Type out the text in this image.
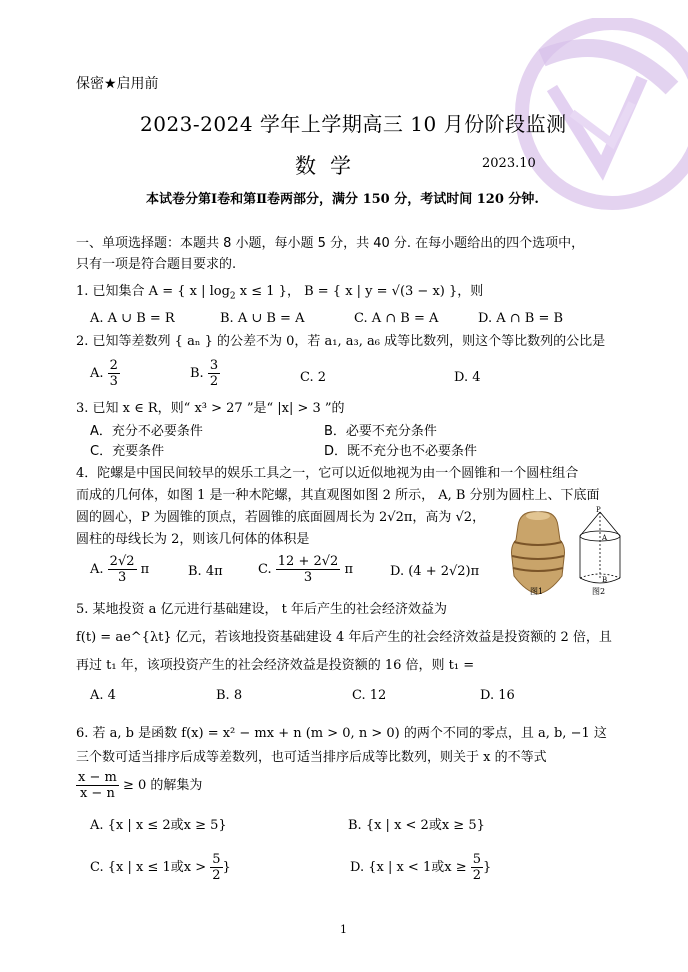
保密★启用前
2023-2024 学年上学期高三 10 月份阶段监测
数学	2023.10
本试卷分第Ⅰ卷和第Ⅱ卷两部分，满分 150 分，考试时间 120 分钟.
一、单项选择题：本题共 8 小题，每小题 5 分，共 40 分. 在每小题给出的四个选项中，
只有一项是符合题目要求的.
1. 已知集合 A = { x | $\log_2 x \le 1$ }， B = { x | y = √(3 − x) }，则
A. A ∪ B = R	B. A ∪ B = A	C. A ∩ B = A	D. A ∩ B = B
2. 已知等差数列 { aₙ } 的公差不为 0，若 a₁, a₃, a₆ 成等比数列，则这个等比数列的公比是
A. $\frac{2}{3}$	B. $\frac{3}{2}$	C. 2	D. 4
3. 已知 x ∈ R，则“ x³ > 27 ”是“ |x| > 3 ”的
A．充分不必要条件	B．必要不充分条件
C．充要条件	D．既不充分也不必要条件
4．陀螺是中国民间较早的娱乐工具之一，它可以近似地视为由一个圆锥和一个圆柱组合
而成的几何体，如图 1 是一种木陀螺，其直观图如图 2 所示， A, B 分别为圆柱上、下底面
圆的圆心，P 为圆锥的顶点，若圆锥的底面圆周长为 2√2π，高为 √2，
圆柱的母线长为 2，则该几何体的体积是
A. $\frac{2√2}{3}$ π	B. 4π	C. $\frac{12 + 2√2}{3}$ π	D. (4 + 2√2)π
P
A
B
图1	图2
5. 某地投资 a 亿元进行基础建设， t 年后产生的社会经济效益为
f(t) = ae^{λt} 亿元，若该地投资基础建设 4 年后产生的社会经济效益是投资额的 2 倍，且
再过 t₁ 年，该项投资产生的社会经济效益是投资额的 16 倍，则 t₁ =
A. 4	B. 8	C. 12	D. 16
6. 若 a, b 是函数 f(x) = x² − mx + n (m > 0, n > 0) 的两个不同的零点，且 a, b, −1 这
三个数可适当排序后成等差数列，也可适当排序后成等比数列，则关于 x 的不等式
$\frac{x - m}{x - n} \ge 0$ 的解集为
A. {x | x ≤ 2或x ≥ 5}	B. {x | x < 2或x ≥ 5}
C. {x | x ≤ 1或$x > \frac{5}{2}$ }	D. {x | x < 1或$x \ge \frac{5}{2}$ }
1
